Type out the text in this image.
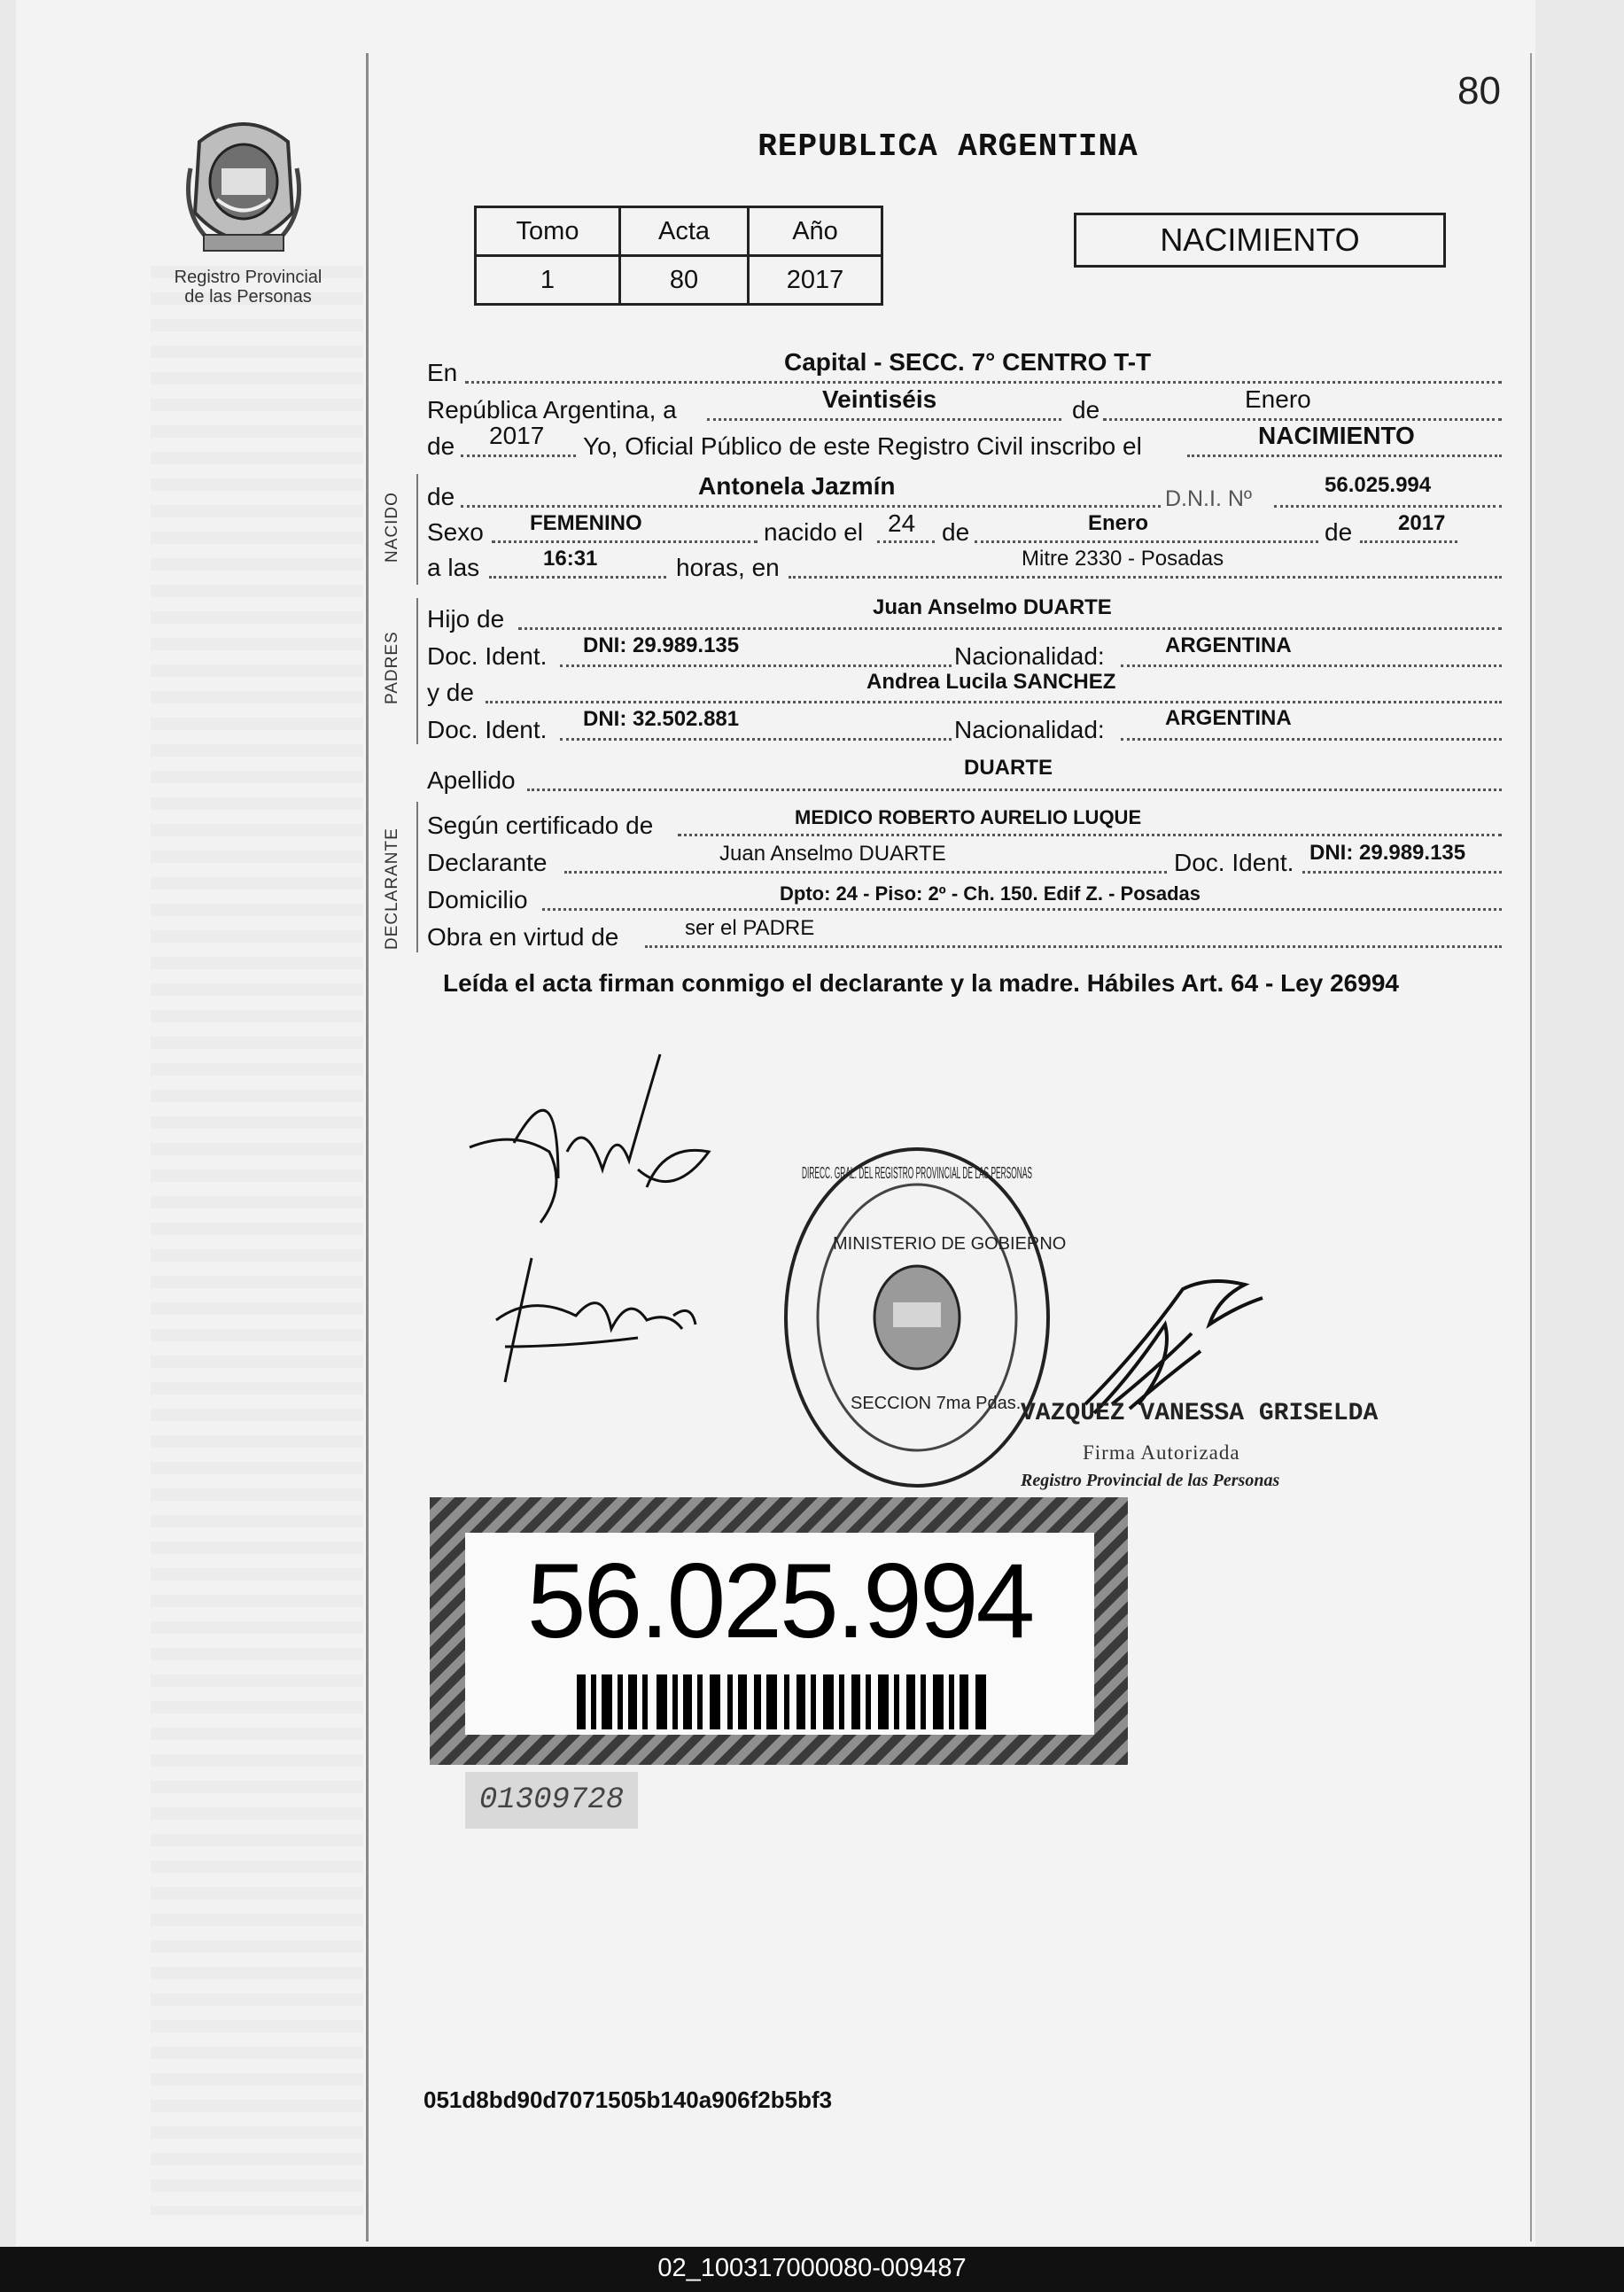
80
Registro Provincial
de las Personas
REPUBLICA ARGENTINA
Tomo	Acta	Año
1	80	2017
NACIMIENTO
En	Capital - SECC. 7° CENTRO T-T
República Argentina, a	Veintiséis	de	Enero
de 2017 Yo, Oficial Público de este Registro Civil inscribo el	NACIMIENTO
NACIDO de	Antonela Jazmín	D.N.I. Nº
56.025.994
Sexo FEMENINO	nacido el 24 de	Enero	de 2017
a las	16:31	horas, en	Mitre 2330 - Posadas
PADRES
Hijo de	Juan Anselmo DUARTE
Doc. Ident. DNI: 29.989.135	Nacionalidad:	ARGENTINA
y de	Andrea Lucila SANCHEZ
Doc. Ident. DNI: 32.502.881	Nacionalidad:	ARGENTINA
Apellido	DUARTE
DECLARANTE
Según certificado de	MEDICO ROBERTO AURELIO LUQUE
Declarante	Juan Anselmo DUARTE	Doc. Ident. DNI: 29.989.135
Domicilio	Dpto: 24 - Piso: 2º - Ch. 150. Edif Z. - Posadas
Obra en virtud de	ser el PADRE
Leída el acta firman conmigo el declarante y la madre. Hábiles Art. 64 - Ley 26994
MINISTERIO DE GOBIERNO
DIRECC. GRAL. DEL REGISTRO PROVINCIAL DE LAS PERSONAS
SECCION 7ma Pdas. VAZQUEZ VANESSA GRISELDA
Firma Autorizada
Registro Provincial de las Personas
56.025.994
01309728
051d8bd90d7071505b140a906f2b5bf3
02_100317000080-009487
